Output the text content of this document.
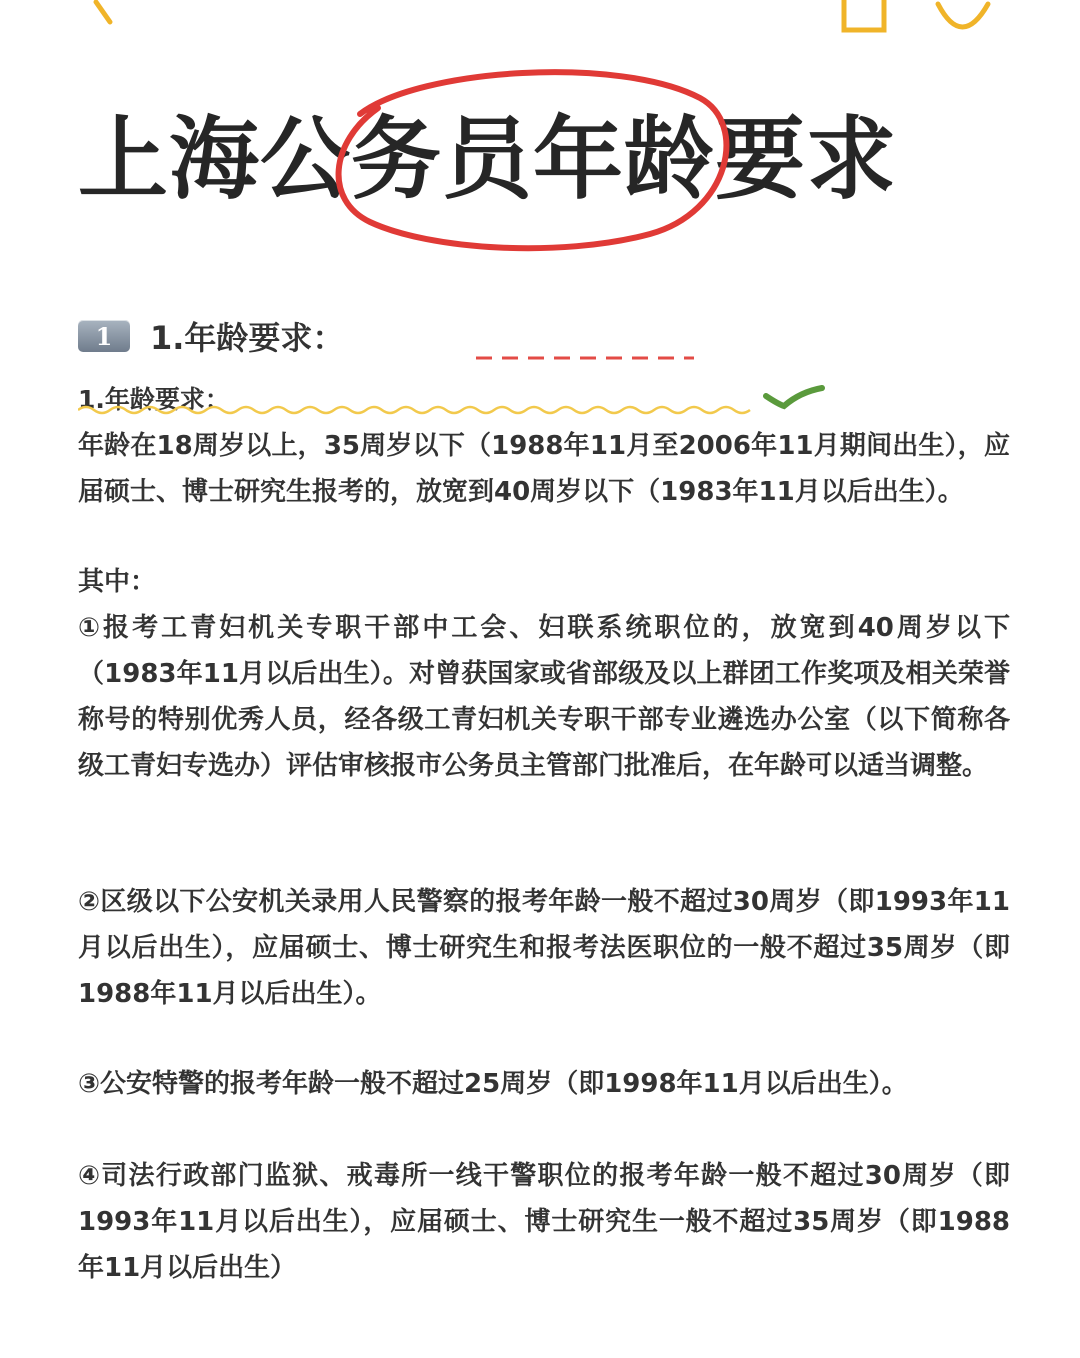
上海公务员年龄要求
1	1.年龄要求：
1.年龄要求：

年龄在18周岁以上，35周岁以下（1988年11月至2006年11月期间出生），应届硕士、博士研究生报考的，放宽到40周岁以下（1983年11月以后出生）。

其中：

①报考工青妇机关专职干部中工会、妇联系统职位的，放宽到40周岁以下（1983年11月以后出生）。对曾获国家或省部级及以上群团工作奖项及相关荣誉称号的特别优秀人员，经各级工青妇机关专职干部专业遴选办公室（以下简称各级工青妇专选办）评估审核报市公务员主管部门批准后，在年龄可以适当调整。

②区级以下公安机关录用人民警察的报考年龄一般不超过30周岁（即1993年11月以后出生），应届硕士、博士研究生和报考法医职位的一般不超过35周岁（即1988年11月以后出生）。

③公安特警的报考年龄一般不超过25周岁（即1998年11月以后出生）。

④司法行政部门监狱、戒毒所一线干警职位的报考年龄一般不超过30周岁（即1993年11月以后出生），应届硕士、博士研究生一般不超过35周岁（即1988年11月以后出生）
